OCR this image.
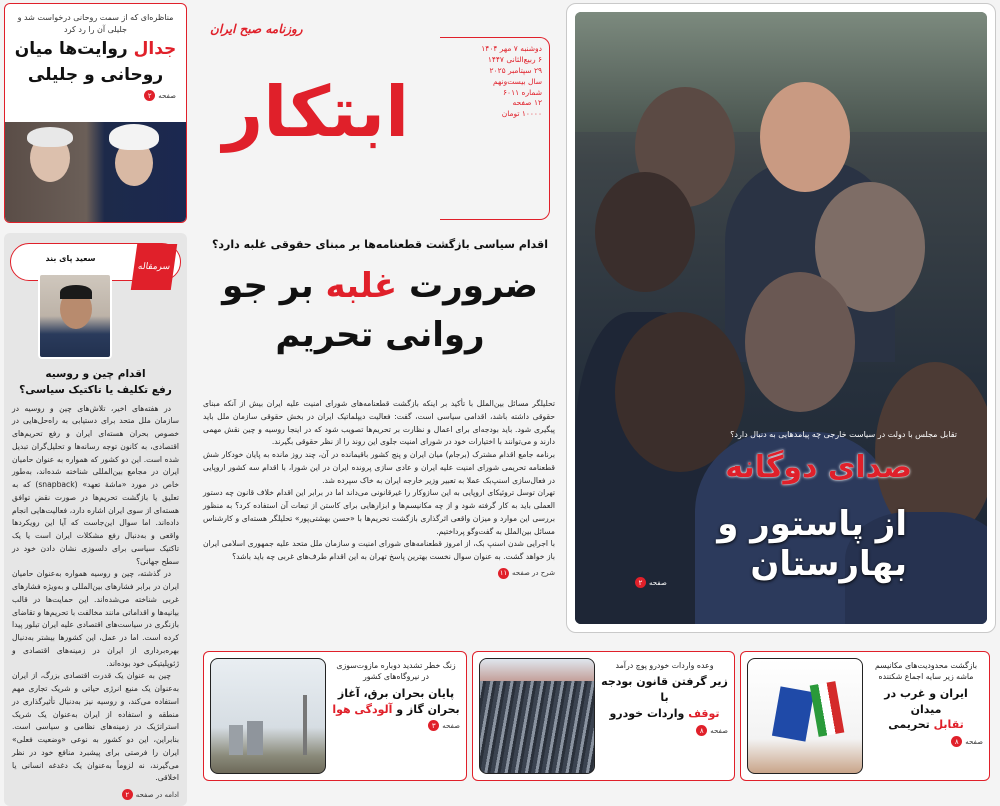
مناظره‌ای که از سمت روحانی درخواست شد و جلیلی آن را رد کرد
جدال روایت‌ها میان
روحانی و جلیلی
صفحه
۲
سرمقاله
سعید پای بند
اقدام چین و روسیه
رفع تکلیف یا تاکتیک سیاسی؟

در هفته‌های اخیر، تلاش‌های چین و روسیه در سازمان ملل متحد برای دستیابی به راه‌حل‌هایی در خصوص بحران هسته‌ای ایران و رفع تحریم‌های اقتصادی، به کانون توجه رسانه‌ها و تحلیل‌گران تبدیل شده است. این دو کشور که همواره به عنوان حامیان ایران در مجامع بین‌المللی شناخته شده‌اند، به‌طور خاص در مورد «ماشهٔ تعهد» (snapback) که به تعلیق یا بازگشت تحریم‌ها در صورت نقض توافق هسته‌ای از سوی ایران اشاره دارد، فعالیت‌هایی انجام داده‌اند. اما سوال این‌جاست که آیا این رویکردها واقعی و به‌دنبال رفع مشکلات ایران است یا یک تاکتیک سیاسی برای دلسوزی نشان دادن خود در سطح جهانی؟

در گذشته، چین و روسیه همواره به‌عنوان حامیان ایران در برابر فشارهای بین‌المللی و به‌ویژه فشارهای غربی شناخته می‌شده‌اند. این حمایت‌ها در قالب بیانیه‌ها و اقداماتی مانند مخالفت با تحریم‌ها و تقاضای بازنگری در سیاست‌های اقتصادی علیه ایران تبلور پیدا کرده است. اما در عمل، این کشورها بیشتر به‌دنبال بهره‌برداری از ایران در زمینه‌های اقتصادی و ژئوپلیتیکی خود بوده‌اند.

چین به عنوان یک قدرت اقتصادی بزرگ، از ایران به‌عنوان یک منبع انرژی حیاتی و شریک تجاری مهم استفاده می‌کند، و روسیه نیز به‌دنبال تأثیرگذاری در منطقه و استفاده از ایران به‌عنوان یک شریک استراتژیک در زمینه‌های نظامی و سیاسی است. بنابراین، این دو کشور به نوعی «وضعیت فعلی» ایران را فرصتی برای پیشبرد منافع خود در نظر می‌گیرند، نه لزوماً به‌عنوان یک دغدغه انسانی یا اخلاقی.

ادامه در صفحه
۲
دوشنبه ۷ مهر ۱۴۰۴
۶ ربیع‌الثانی ۱۴۴۷
۲۹ سپتامبر ۲۰۲۵
سال بیست‌ونهم
شماره ۶۰۱۱
۱۲ صفحه
۱۰۰۰۰ تومان
روزنامه صبح ایران
ابتکار
اقدام سیاسی بازگشت قطعنامه‌ها بر مبنای حقوقی غلبه دارد؟
ضرورت غلبه بر جو
روانی تحریم

تحلیلگر مسائل بین‌الملل با تأکید بر اینکه بازگشت قطعنامه‌های شورای امنیت علیه ایران بیش از آنکه مبنای حقوقی داشته باشد، اقدامی سیاسی است، گفت: فعالیت دیپلماتیک ایران در بخش حقوقی سازمان ملل باید پیگیری شود. باید بودجه‌ای برای اعمال و نظارت بر تحریم‌ها تصویب شود که در اینجا روسیه و چین نقش مهمی دارند و می‌توانند با اختیارات خود در شورای امنیت جلوی این روند را از نظر حقوقی بگیرند.

برنامه جامع اقدام مشترک (برجام) میان ایران و پنج کشور باقیمانده در آن، چند روز مانده به پایان خودکار شش قطعنامه تحریمی شورای امنیت علیه ایران و عادی سازی پرونده ایران در این شورا، با اقدام سه کشور اروپایی در فعال‌سازی اسنپ‌بک عملا به تعبیر وزیر خارجه ایران به خاک سپرده شد.

تهران توسل تروئیکای اروپایی به این سازوکار را غیرقانونی می‌داند اما در برابر این اقدام خلاف قانون چه دستور العملی باید به کار گرفته شود و از چه مکانیسم‌ها و ابزارهایی برای کاستن از تبعات آن استفاده کرد؟ به منظور بررسی این موارد و میزان واقعی اثرگذاری بازگشت تحریم‌ها با «حسن بهشتی‌پور» تحلیلگر هسته‌ای و کارشناس مسائل بین‌الملل به گفت‌وگو پرداختیم.

با اجرایی شدن اسنپ بک، از امروز قطعنامه‌های شورای امنیت و سازمان ملل متحد علیه جمهوری اسلامی ایران باز خواهد گشت. به عنوان سوال نخست بهترین پاسخ تهران به این اقدام طرف‌های غربی چه باید باشد؟

شرح در صفحه
۱۱
تقابل مجلس با دولت در سیاست خارجی چه پیامدهایی به دنبال دارد؟
صدای دوگانه
از پاستور و بهارستان
صفحه
۲
بازگشت محدودیت‌های مکانیسم ماشه زیر سایه اجماع شکننده
ایران و غرب در میدان
تقابل تحریمی
صفحه
۸
وعده واردات خودرو پوچ درآمد
زیر گرفتن قانون بودجه با
توقف واردات خودرو
صفحه
۸
زنگ خطر تشدید دوباره مازوت‌سوزی در نیروگاه‌های کشور
پایان بحران برق، آغاز بحران گاز و آلودگی هوا
صفحه
۳
